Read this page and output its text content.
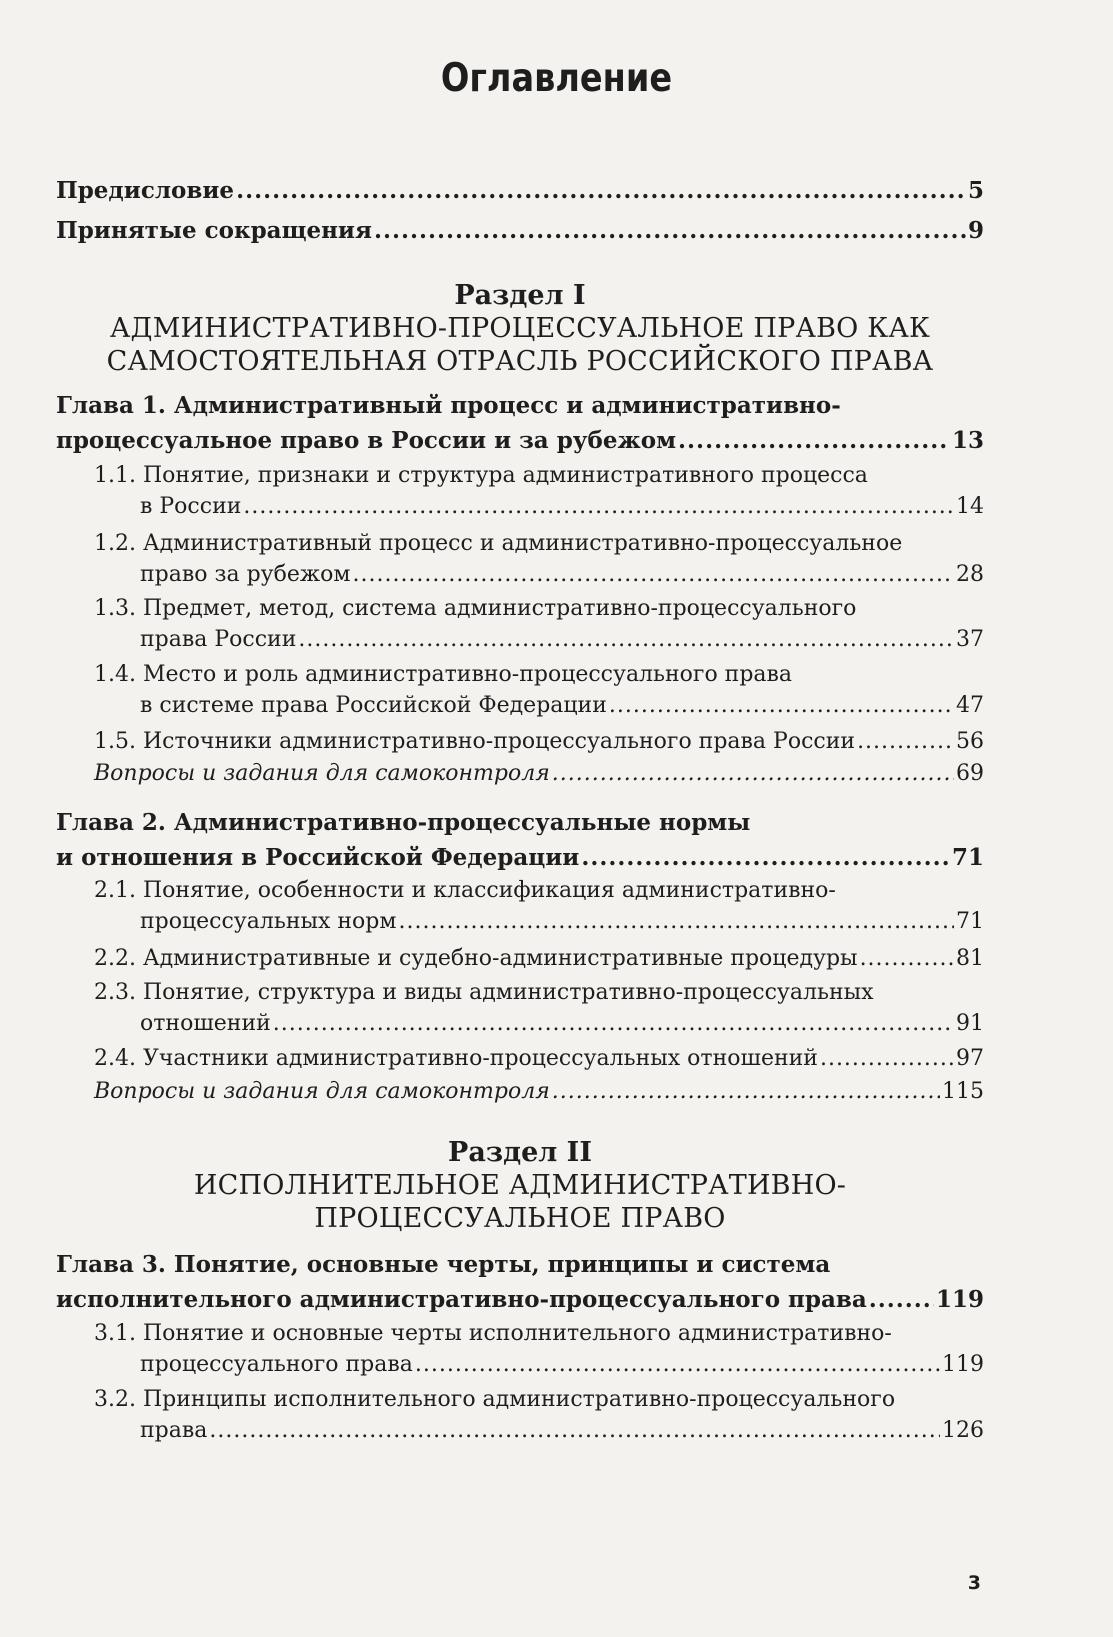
Оглавление
Предисловие .....	5
Принятые сокращения .....	9
Раздел I
АДМИНИСТРАТИВНО-ПРОЦЕССУАЛЬНОЕ ПРАВО КАК
САМОСТОЯТЕЛЬНАЯ ОТРАСЛЬ РОССИЙСКОГО ПРАВА
Глава 1. Административный процесс и административно-
процессуальное право в России и за рубежом .....	13
1.1. Понятие, признаки и структура административного процесса
в России .....	14
1.2. Административный процесс и административно-процессуальное
право за рубежом .....	28
1.3. Предмет, метод, система административно-процессуального
права России .....	37
1.4. Место и роль административно-процессуального права
в системе права Российской Федерации .....	47
1.5. Источники административно-процессуального права России .....	56
Вопросы и задания для самоконтроля .....	69
Глава 2. Административно-процессуальные нормы
и отношения в Российской Федерации .....	71
2.1. Понятие, особенности и классификация административно-
процессуальных норм .....	71
2.2. Административные и судебно-административные процедуры .....	81
2.3. Понятие, структура и виды административно-процессуальных
отношений .....	91
2.4. Участники административно-процессуальных отношений .....	97
Вопросы и задания для самоконтроля .....	115
Раздел II
ИСПОЛНИТЕЛЬНОЕ АДМИНИСТРАТИВНО-
ПРОЦЕССУАЛЬНОЕ ПРАВО
Глава 3. Понятие, основные черты, принципы и система
исполнительного административно-процессуального права .....	119
3.1. Понятие и основные черты исполнительного административно-
процессуального права .....	119
3.2. Принципы исполнительного административно-процессуального
права .....	126
3
